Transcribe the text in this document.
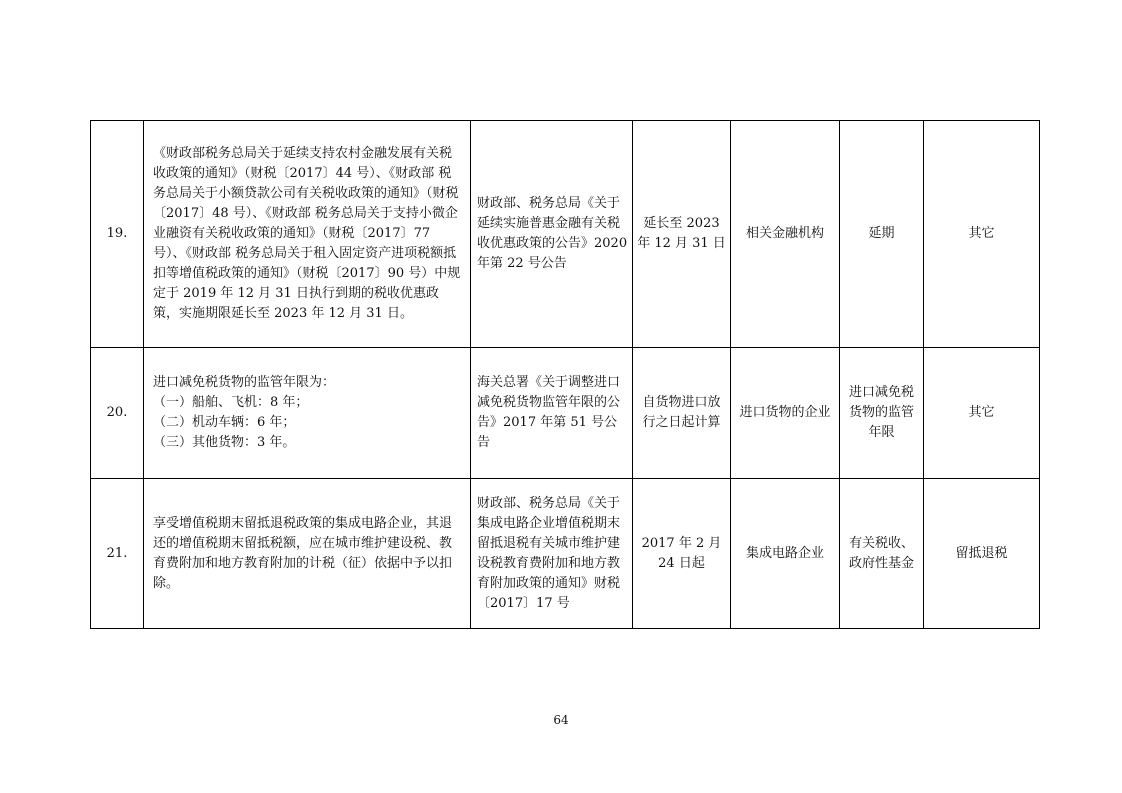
19.	《财政部税务总局关于延续支持农村金融发展有关税收政策的通知》（财税〔2017〕44 号）、《财政部 税务总局关于小额贷款公司有关税收政策的通知》（财税〔2017〕48 号）、《财政部 税务总局关于支持小微企业融资有关税收政策的通知》（财税〔2017〕77 号）、《财政部 税务总局关于租入固定资产进项税额抵扣等增值税政策的通知》（财税〔2017〕90 号）中规定于 2019 年 12 月 31 日执行到期的税收优惠政策，实施期限延长至 2023 年 12 月 31 日。	财政部、税务总局《关于延续实施普惠金融有关税收优惠政策的公告》2020 年第 22 号公告	延长至 2023 年 12 月 31 日	相关金融机构	延期	其它

20.	进口减免税货物的监管年限为：
（一）船舶、飞机：8 年；
（二）机动车辆：6 年；
（三）其他货物：3 年。	海关总署《关于调整进口减免税货物监管年限的公告》2017 年第 51 号公告	自货物进口放行之日起计算	进口货物的企业	进口减免税货物的监管年限	其它

21.	享受增值税期末留抵退税政策的集成电路企业，其退还的增值税期末留抵税额，应在城市维护建设税、教育费附加和地方教育附加的计税（征）依据中予以扣除。	财政部、税务总局《关于集成电路企业增值税期末留抵退税有关城市维护建设税教育费附加和地方教育附加政策的通知》财税〔2017〕17 号	2017 年 2 月 24 日起	集成电路企业	有关税收、政府性基金	留抵退税
64
